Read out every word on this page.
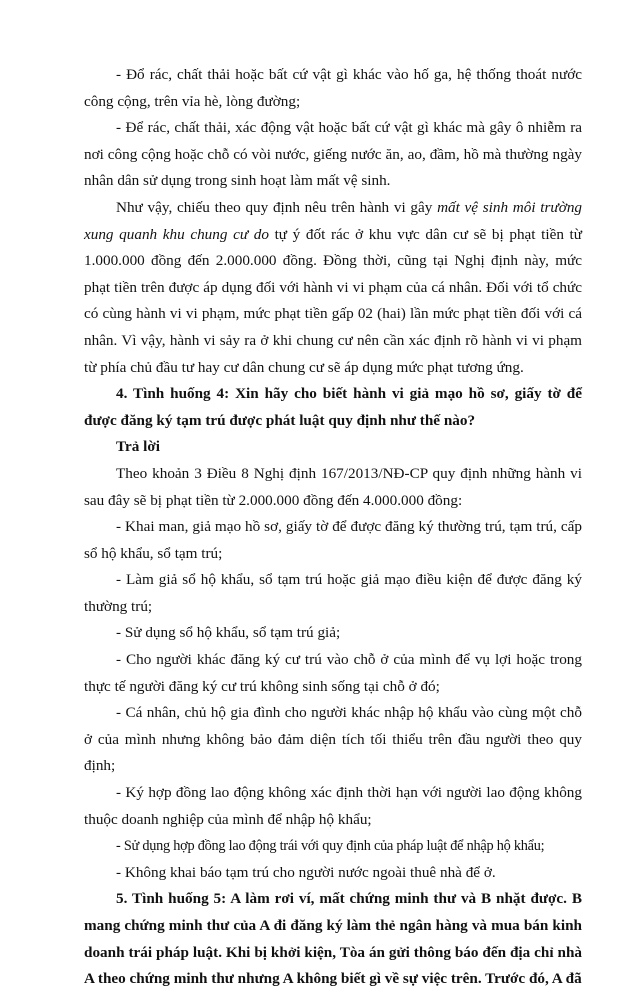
- Đổ rác, chất thải hoặc bất cứ vật gì khác vào hố ga, hệ thống thoát nước công cộng, trên vỉa hè, lòng đường;

- Để rác, chất thải, xác động vật hoặc bất cứ vật gì khác mà gây ô nhiễm ra nơi công cộng hoặc chỗ có vòi nước, giếng nước ăn, ao, đầm, hồ mà thường ngày nhân dân sử dụng trong sinh hoạt làm mất vệ sinh.

Như vậy, chiếu theo quy định nêu trên hành vi gây mất vệ sinh môi trường xung quanh khu chung cư do tự ý đốt rác ở khu vực dân cư sẽ bị phạt tiền từ 1.000.000 đồng đến 2.000.000 đồng. Đồng thời, cũng tại Nghị định này, mức phạt tiền trên được áp dụng đối với hành vi vi phạm của cá nhân. Đối với tổ chức có cùng hành vi vi phạm, mức phạt tiền gấp 02 (hai) lần mức phạt tiền đối với cá nhân. Vì vậy, hành vi sảy ra ở khi chung cư nên cần xác định rõ hành vi vi phạm từ phía chủ đầu tư hay cư dân chung cư sẽ áp dụng mức phạt tương ứng.

4. Tình huống 4: Xin hãy cho biết hành vi giả mạo hồ sơ, giấy tờ để được đăng ký tạm trú được phát luật quy định như thế nào?

Trả lời

Theo khoản 3 Điều 8 Nghị định 167/2013/NĐ-CP quy định những hành vi sau đây sẽ bị phạt tiền từ 2.000.000 đồng đến 4.000.000 đồng:

- Khai man, giả mạo hồ sơ, giấy tờ để được đăng ký thường trú, tạm trú, cấp sổ hộ khẩu, sổ tạm trú;

- Làm giả sổ hộ khẩu, sổ tạm trú hoặc giả mạo điều kiện để được đăng ký thường trú;

- Sử dụng sổ hộ khẩu, sổ tạm trú giả;

- Cho người khác đăng ký cư trú vào chỗ ở của mình để vụ lợi hoặc trong thực tế người đăng ký cư trú không sinh sống tại chỗ ở đó;

- Cá nhân, chủ hộ gia đình cho người khác nhập hộ khẩu vào cùng một chỗ ở của mình nhưng không bảo đảm diện tích tối thiểu trên đầu người theo quy định;

- Ký hợp đồng lao động không xác định thời hạn với người lao động không thuộc doanh nghiệp của mình để nhập hộ khẩu;

- Sử dụng hợp đồng lao động trái với quy định của pháp luật để nhập hộ khẩu;

- Không khai báo tạm trú cho người nước ngoài thuê nhà để ở.

5. Tình huống 5: A làm rơi ví, mất chứng minh thư và B nhặt được. B mang chứng minh thư của A đi đăng ký làm thẻ ngân hàng và mua bán kinh doanh trái pháp luật. Khi bị khởi kiện, Tòa án gửi thông báo đến địa chỉ nhà A theo chứng minh thư nhưng A không biết gì về sự việc trên. Trước đó, A đã
